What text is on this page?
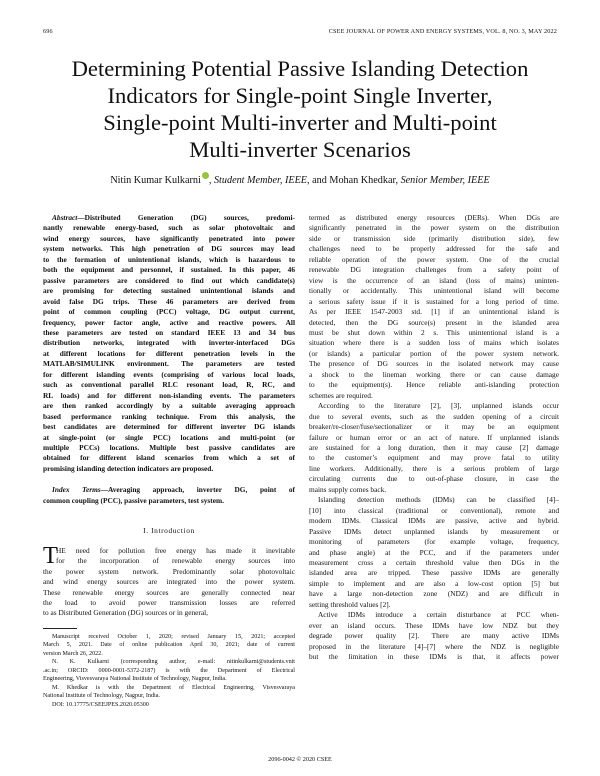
696	CSEE JOURNAL OF POWER AND ENERGY SYSTEMS, VOL. 8, NO. 3, MAY 2022
Determining Potential Passive Islanding Detection
Indicators for Single-point Single Inverter,
Single-point Multi-inverter and Multi-point
Multi-inverter Scenarios
Nitin Kumar Kulkarni , Student Member, IEEE, and Mohan Khedkar, Senior Member, IEEE
Abstract—Distributed Generation (DG) sources, predomi-
nantly renewable energy-based, such as solar photovoltaic and
wind energy sources, have significantly penetrated into power
system networks. This high penetration of DG sources may lead
to the formation of unintentional islands, which is hazardous to
both the equipment and personnel, if sustained. In this paper, 46
passive parameters are considered to find out which candidate(s)
are promising for detecting sustained unintentional islands and
avoid false DG trips. These 46 parameters are derived from
point of common coupling (PCC) voltage, DG output current,
frequency, power factor angle, active and reactive powers. All
these parameters are tested on standard IEEE 13 and 34 bus
distribution networks, integrated with inverter-interfaced DGs
at different locations for different penetration levels in the
MATLAB/SIMULINK environment. The parameters are tested
for different islanding events (comprising of various local loads,
such as conventional parallel RLC resonant load, R, RC, and
RL loads) and for different non-islanding events. The parameters
are then ranked accordingly by a suitable averaging approach
based performance ranking technique. From this analysis, the
best candidates are determined for different inverter DG islands
at single-point (or single PCC) locations and multi-point (or
multiple PCCs) locations. Multiple best passive candidates are
obtained for different island scenarios from which a set of
promising islanding detection indicators are proposed.
Index Terms—Averaging approach, inverter DG, point of
common coupling (PCC), passive parameters, test system.
I. Introduction
T
HE need for pollution free energy has made it inevitable
for the incorporation of renewable energy sources into
the power system network. Predominantly solar photovoltaic
and wind energy sources are integrated into the power system.
These renewable energy sources are generally connected near
the load to avoid power transmission losses are referred
to as Distributed Generation (DG) sources or in general,
Manuscript received October 1, 2020; revised January 15, 2021; accepted
March 5, 2021. Date of online publication April 30, 2021; date of current
version March 26, 2022.
N. K. Kulkarni (corresponding author, e-mail: nitinkulkarni@students.vnit
.ac.in; ORCID: 0000-0001-5372-2187) is with the Department of Electrical
Engineering, Visvesvaraya National Institute of Technology, Nagpur, India.
M. Khedkar is with the Department of Electrical Engineering, Visvesvaraya
National Institute of Technology, Nagpur, India.
DOI: 10.17775/CSEEJPES.2020.05300
termed as distributed energy resources (DERs). When DGs are
significantly penetrated in the power system on the distribution
side or transmission side (primarily distribution side), few
challenges need to be properly addressed for the safe and
reliable operation of the power system. One of the crucial
renewable DG integration challenges from a safety point of
view is the occurrence of an island (loss of mains) uninten-
tionally or accidentally. This unintentional island will become
a serious safety issue if it is sustained for a long period of time.
As per IEEE 1547-2003 std. [1] if an unintentional island is
detected, then the DG source(s) present in the islanded area
must be shut down within 2 s. This unintentional island is a
situation where there is a sudden loss of mains which isolates
(or islands) a particular portion of the power system network.
The presence of DG sources in the isolated network may cause
a shock to the lineman working there or can cause damage
to the equipment(s). Hence reliable anti-islanding protection
schemes are required.
According to the literature [2], [3], unplanned islands occur
due to several events, such as the sudden opening of a circuit
breaker/re-closer/fuse/sectionalizer or it may be an equipment
failure or human error or an act of nature. If unplanned islands
are sustained for a long duration, then it may cause [2] damage
to the customer’s equipment and may prove fatal to utility
line workers. Additionally, there is a serious problem of large
circulating currents due to out-of-phase closure, in case the
mains supply comes back.
Islanding detection methods (IDMs) can be classified [4]–
[10] into classical (traditional or conventional), remote and
modern IDMs. Classical IDMs are passive, active and hybrid.
Passive IDMs detect unplanned islands by measurement or
monitoring of parameters (for example voltage, frequency,
and phase angle) at the PCC, and if the parameters under
measurement cross a certain threshold value then DGs in the
islanded area are tripped. These passive IDMs are generally
simple to implement and are also a low-cost option [5] but
have a large non-detection zone (NDZ) and are difficult in
setting threshold values [2].
Active IDMs introduce a certain disturbance at PCC when-
ever an island occurs. These IDMs have low NDZ but they
degrade power quality [2]. There are many active IDMs
proposed in the literature [4]–[7] where the NDZ is negligible
but the limitation in these IDMs is that, it affects power
2096-0042 © 2020 CSEE
